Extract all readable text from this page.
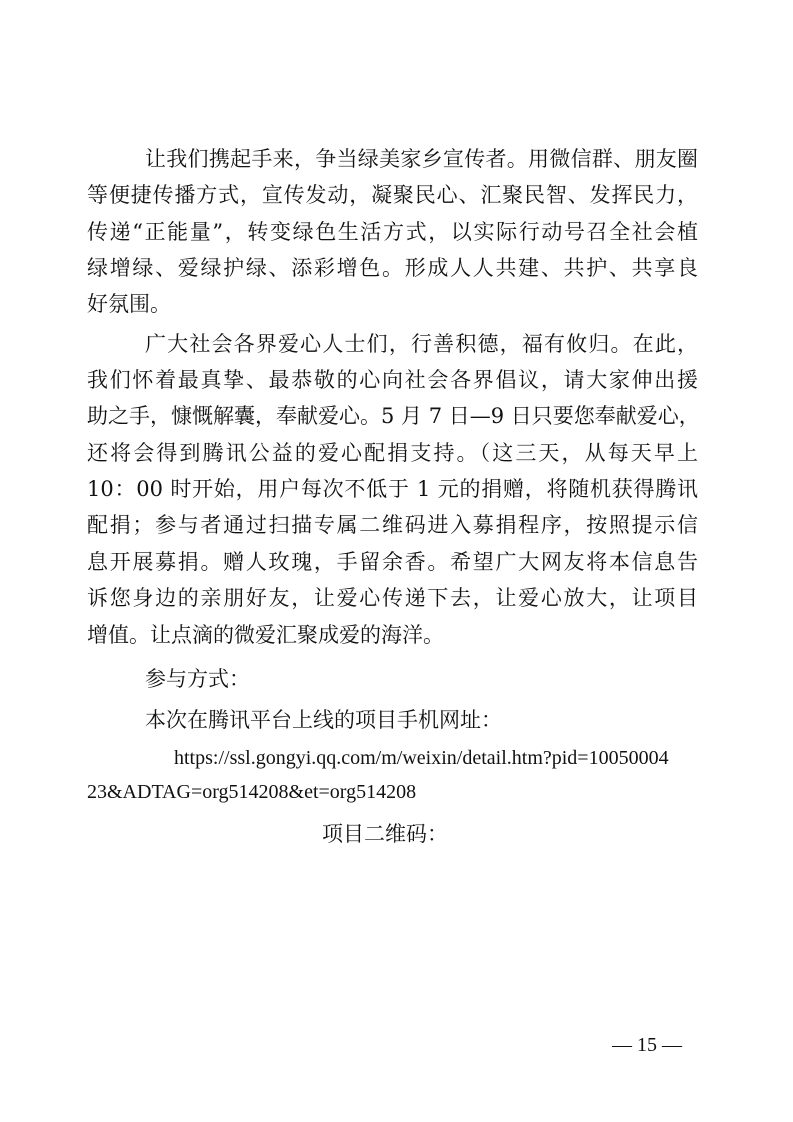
让我们携起手来，争当绿美家乡宣传者。用微信群、朋友圈
等便捷传播方式，宣传发动，凝聚民心、汇聚民智、发挥民力，
传递“正能量”，转变绿色生活方式，以实际行动号召全社会植
绿增绿、爱绿护绿、添彩增色。形成人人共建、共护、共享良
好氛围。
广大社会各界爱心人士们，行善积德，福有攸归。在此，
我们怀着最真挚、最恭敬的心向社会各界倡议，请大家伸出援
助之手，慷慨解囊，奉献爱心。5 月 7 日—9 日只要您奉献爱心，
还将会得到腾讯公益的爱心配捐支持。（这三天，从每天早上
10：00 时开始，用户每次不低于 1 元的捐赠，将随机获得腾讯
配捐；参与者通过扫描专属二维码进入募捐程序，按照提示信
息开展募捐。赠人玫瑰，手留余香。希望广大网友将本信息告
诉您身边的亲朋好友，让爱心传递下去，让爱心放大，让项目
增值。让点滴的微爱汇聚成爱的海洋。
参与方式：
本次在腾讯平台上线的项目手机网址：
https://ssl.gongyi.qq.com/m/weixin/detail.htm?pid=10050004
23&ADTAG=org514208&et=org514208
项目二维码：
— 15 —
